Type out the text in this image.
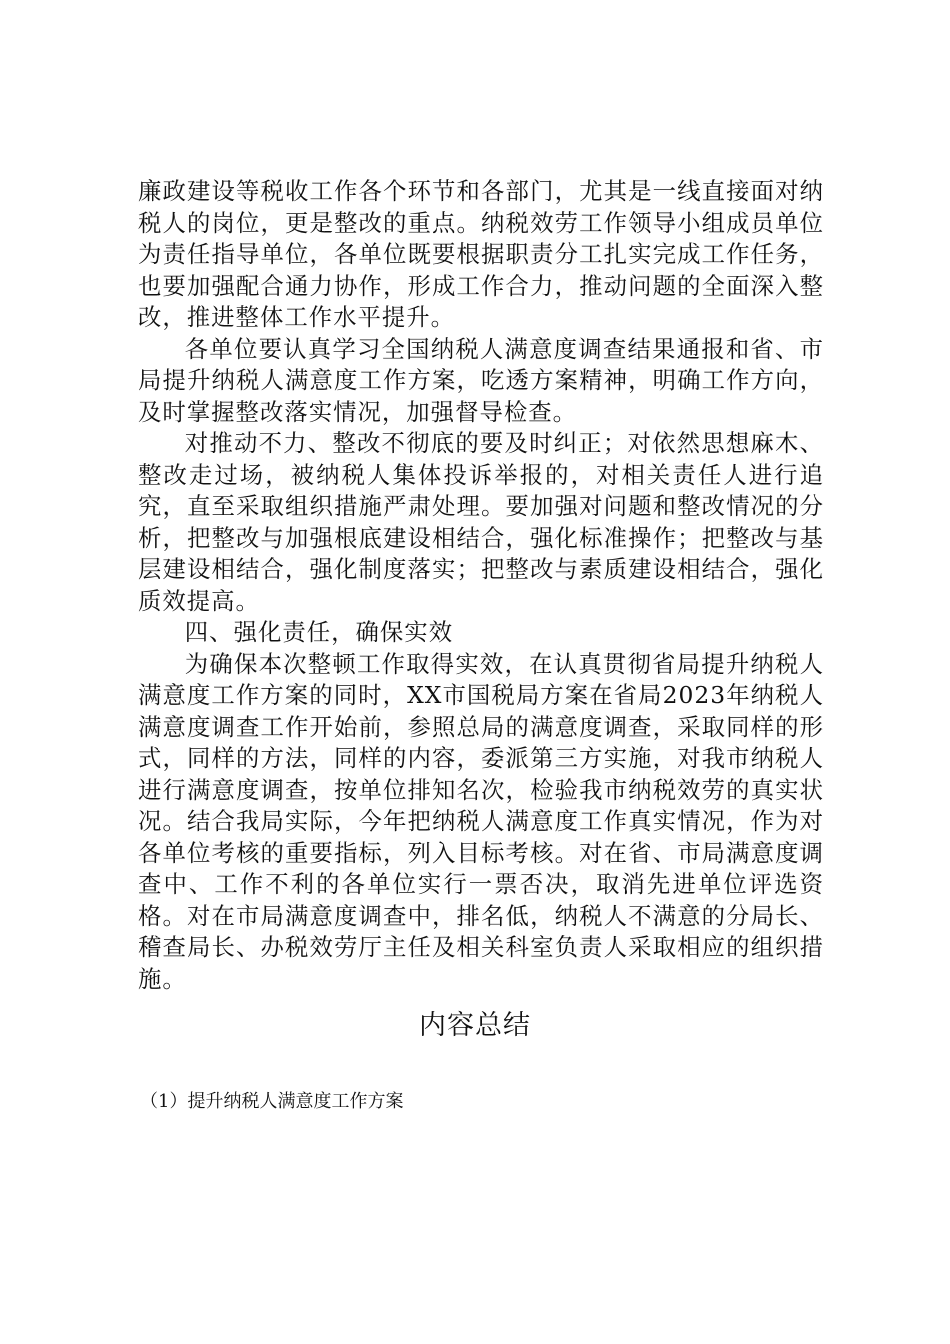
廉政建设等税收工作各个环节和各部门，尤其是一线直接面对纳税人的岗位，更是整改的重点。纳税效劳工作领导小组成员单位为责任指导单位，各单位既要根据职责分工扎实完成工作任务，也要加强配合通力协作，形成工作合力，推动问题的全面深入整改，推进整体工作水平提升。

各单位要认真学习全国纳税人满意度调查结果通报和省、市局提升纳税人满意度工作方案，吃透方案精神，明确工作方向，及时掌握整改落实情况，加强督导检查。

对推动不力、整改不彻底的要及时纠正；对依然思想麻木、整改走过场，被纳税人集体投诉举报的，对相关责任人进行追究，直至采取组织措施严肃处理。要加强对问题和整改情况的分析，把整改与加强根底建设相结合，强化标准操作；把整改与基层建设相结合，强化制度落实；把整改与素质建设相结合，强化质效提高。

四、强化责任，确保实效

为确保本次整顿工作取得实效，在认真贯彻省局提升纳税人满意度工作方案的同时，XX市国税局方案在省局2023年纳税人满意度调查工作开始前，参照总局的满意度调查，采取同样的形式，同样的方法，同样的内容，委派第三方实施，对我市纳税人进行满意度调查，按单位排知名次，检验我市纳税效劳的真实状况。结合我局实际，今年把纳税人满意度工作真实情况，作为对各单位考核的重要指标，列入目标考核。对在省、市局满意度调查中、工作不利的各单位实行一票否决，取消先进单位评选资格。对在市局满意度调查中，排名低，纳税人不满意的分局长、稽查局长、办税效劳厅主任及相关科室负责人采取相应的组织措施。

内容总结
（1）提升纳税人满意度工作方案
